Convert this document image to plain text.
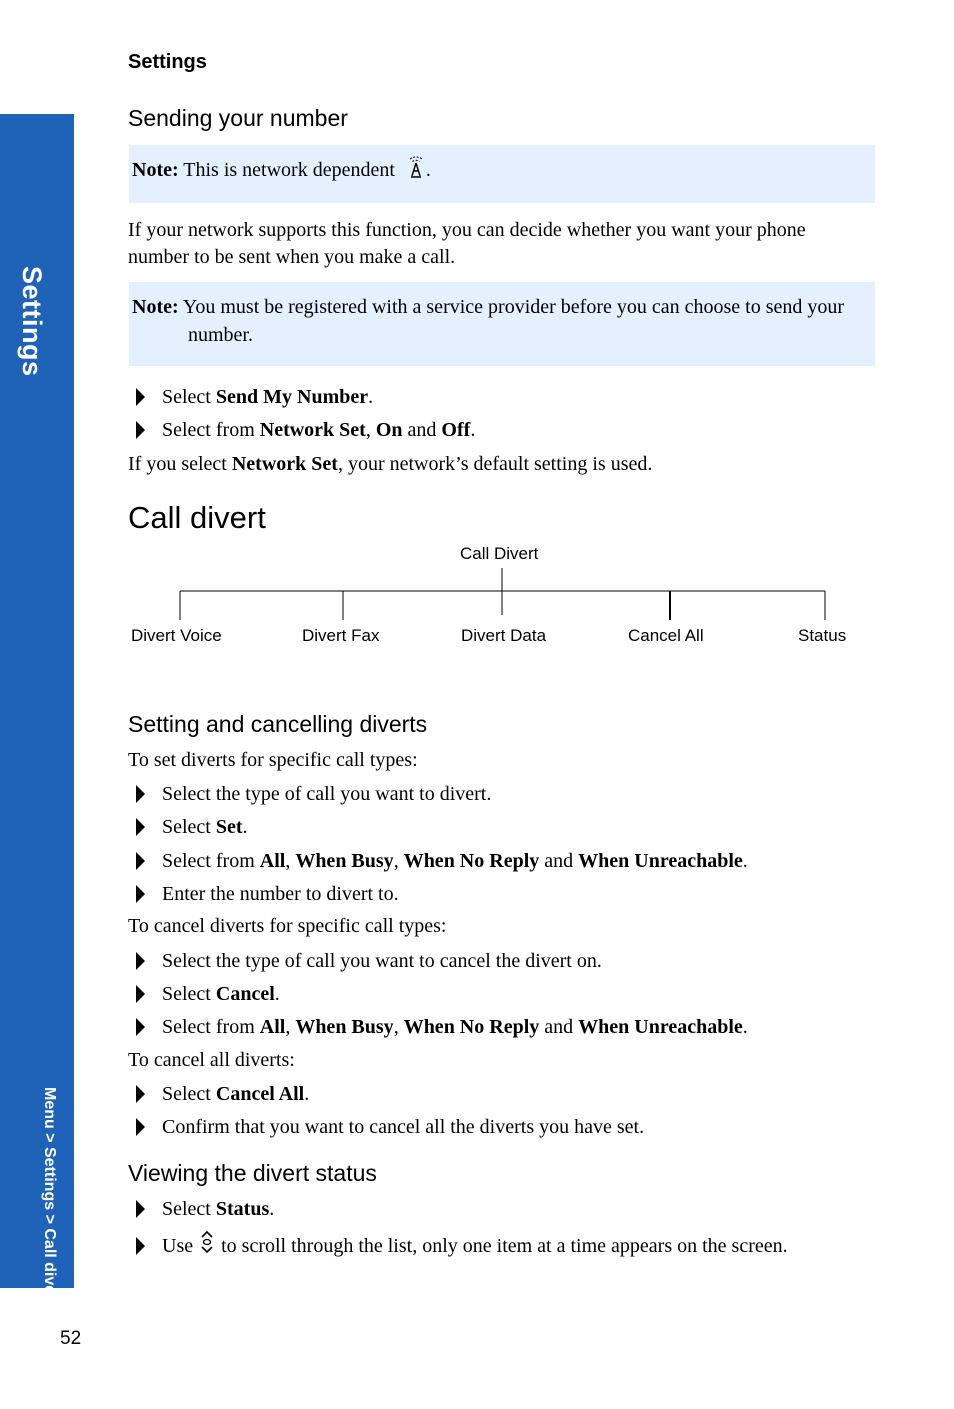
Settings
Menu > Settings > Call divert
Settings
Sending your number
Note: This is network dependent .
If your network supports this function, you can decide whether you want your phone number to be sent when you make a call.
Note: You must be registered with a service provider before you can choose to send your
number.
Select Send My Number.
Select from Network Set, On and Off.
If you select Network Set, your network’s default setting is used.
Call divert
Call Divert
Divert Voice	Divert Fax	Divert Data	Cancel All	Status
Setting and cancelling diverts
To set diverts for specific call types:
Select the type of call you want to divert.
Select Set.
Select from All, When Busy, When No Reply and When Unreachable.
Enter the number to divert to.
To cancel diverts for specific call types:
Select the type of call you want to cancel the divert on.
Select Cancel.
Select from All, When Busy, When No Reply and When Unreachable.
To cancel all diverts:
Select Cancel All.
Confirm that you want to cancel all the diverts you have set.
Viewing the divert status
Select Status.
Use  to scroll through the list, only one item at a time appears on the screen.
52
